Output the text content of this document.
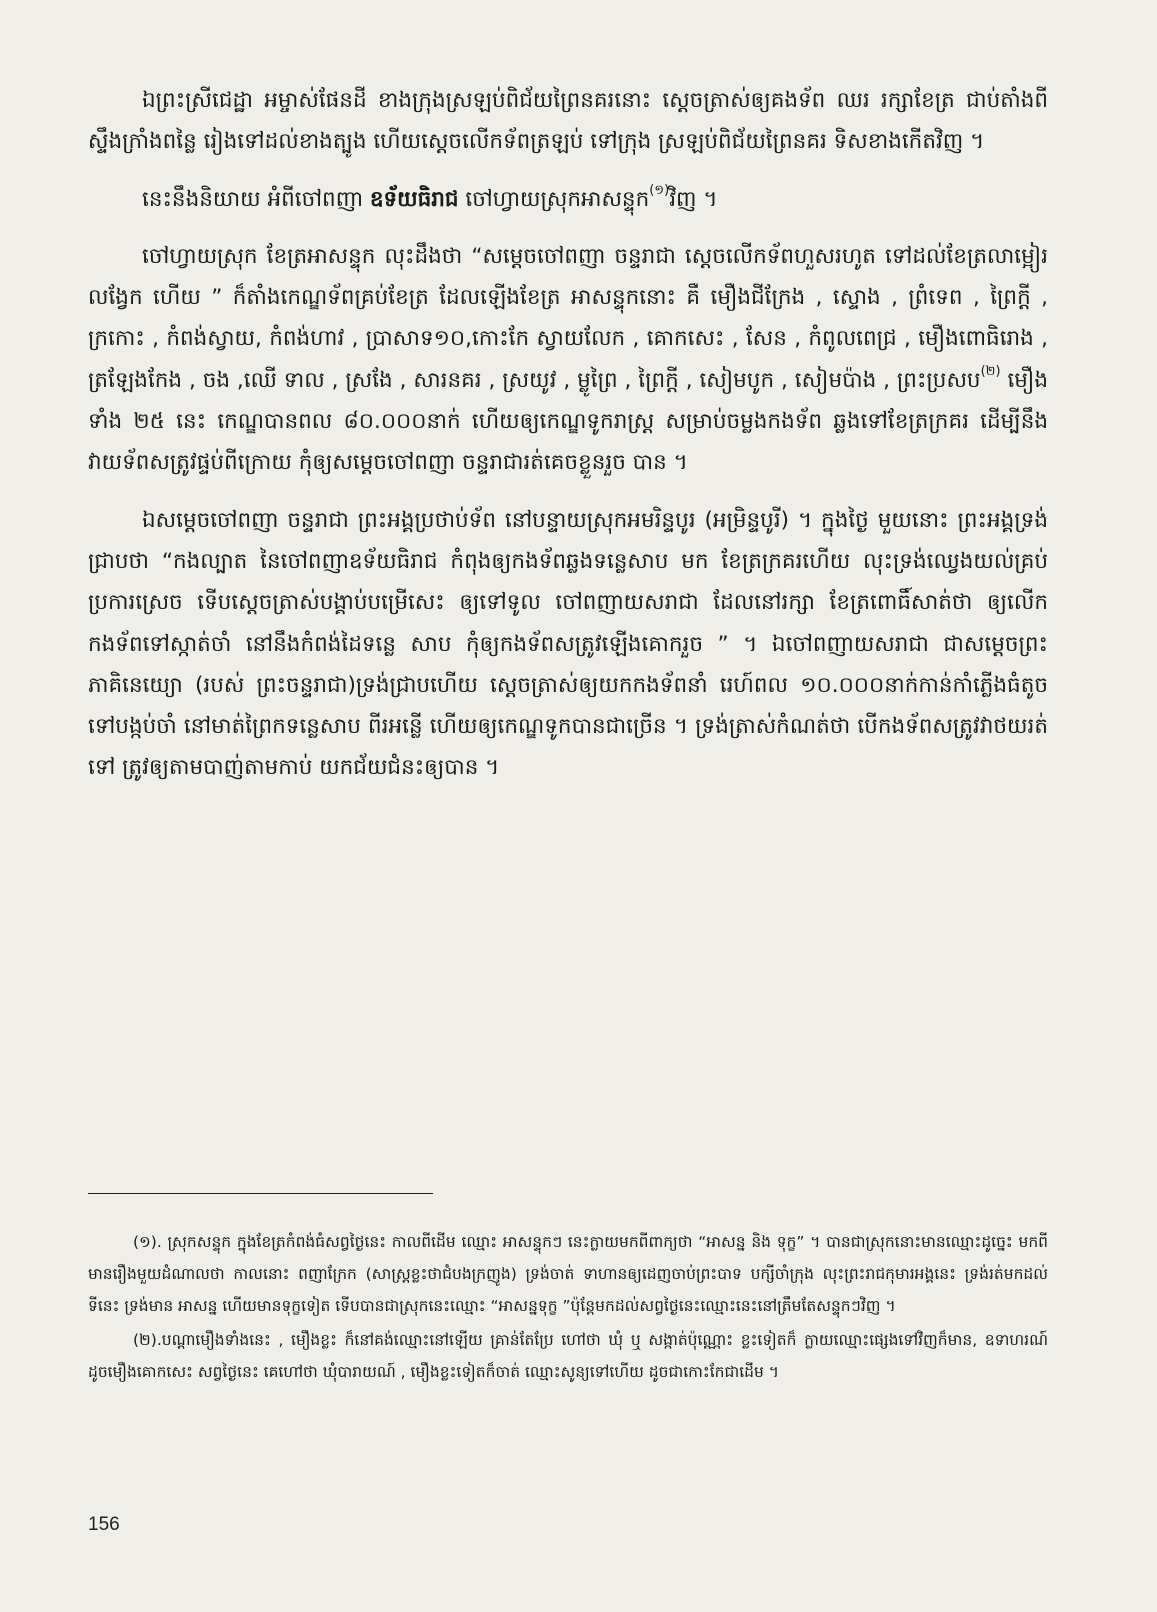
ឯព្រះស្រីជេដ្ឋា អម្ចាស់ផែនដី ខាងក្រុងស្រឡប់ពិជ័យព្រៃនគរនោះ ស្ដេចត្រាស់ឲ្យគងទ័ព ឈរ រក្សាខែត្រ ជាប់តាំងពីស្ទឹងក្រាំងពន្លៃ រៀងទៅដល់ខាងត្បូង ហើយស្ដេចលើកទ័ពត្រឡប់ ទៅក្រុង ស្រឡប់ពិជ័យព្រៃនគរ ទិសខាងកើតវិញ ។

នេះនឹងនិយាយ អំពីចៅពញា ឧទ័យធិរាជ ចៅហ្វាយស្រុកអាសន្ទុក$^{(១)}$វិញ ។

ចៅហ្វាយស្រុក ខែត្រអាសន្ទុក លុះដឹងថា “សម្ដេចចៅពញា ចន្ទរាជា ស្ដេចលើកទ័ពហួសរហូត ទៅដល់ខែត្រលាម្អៀរ លង្វែក ហើយ ” ក៏តាំងកេណ្ឌទ័ពគ្រប់ខែត្រ ដែលឡើងខែត្រ អាសន្ទុកនោះ គឺ មឿងជីក្រែង , ស្ទោង , ព្រំទេព , ព្រៃក្ដី , ក្រកោះ , កំពង់ស្វាយ, កំពង់ហាវ , ប្រាសាទ១០,កោះកែ ស្វាយលែក , គោកសេះ , សែន , កំពូលពេជ្រ , មឿងពោធិរោង , ត្រឡែងកែង , ចង ,ឈើ ទាល , ស្រងែ , សារនគរ , ស្រយូវ , ម្លូព្រៃ , ព្រៃក្ដី , សៀមបូក , សៀមប៉ាង , ព្រះប្រសប$^{(២)}$ មឿងទាំង ២៥ នេះ កេណ្ឌបានពល ៨០.០០០នាក់ ហើយឲ្យកេណ្ឌទូករាស្ត្រ សម្រាប់ចម្លងកងទ័ព ឆ្លងទៅខែត្រក្រគរ ដើម្បីនឹងវាយទ័ពសត្រូវផ្ទប់ពីក្រោយ កុំឲ្យសម្ដេចចៅពញា ចន្ទរាជារត់គេចខ្លួនរួច បាន ។

ឯសម្ដេចចៅពញា ចន្ទរាជា ព្រះអង្គប្រថាប់ទ័ព នៅបន្ទាយស្រុកអមរិន្ទបូរ (អម្រិន្ទបូរី) ។ ក្នុងថ្ងៃ មួយនោះ ព្រះអង្គទ្រង់ជ្រាបថា “កងល្បាត នៃចៅពញាឧទ័យធិរាជ កំពុងឲ្យកងទ័ពឆ្លងទន្លេសាប មក ខែត្រក្រគរហើយ លុះទ្រង់ឈ្វេងយល់គ្រប់ប្រការស្រេច ទើបស្ដេចត្រាស់បង្គាប់បម្រើសេះ ឲ្យទៅទូល ចៅពញាយសរាជា ដែលនៅរក្សា ខែត្រពោធិ៍សាត់ថា ឲ្យលើកកងទ័ពទៅស្កាត់ចាំ នៅនឹងកំពង់ដៃទន្លេ សាប កុំឲ្យកងទ័ពសត្រូវឡើងគោករួច ” ។ ឯចៅពញាយសរាជា ជាសម្ដេចព្រះភាគិនេយ្យោ (របស់ ព្រះចន្ទរាជា)ទ្រង់ជ្រាបហើយ ស្ដេចត្រាស់ឲ្យយកកងទ័ពនាំ រេហ៍ពល ១០.០០០នាក់កាន់កាំភ្លើងធំតូច ទៅបង្កប់ចាំ នៅមាត់ព្រៃកទន្លេសាប ពីរអន្លើ ហើយឲ្យកេណ្ឌទូកបានជាច្រើន ។ ទ្រង់ត្រាស់កំណត់ថា បើកងទ័ពសត្រូវវាថយរត់ទៅ ត្រូវឲ្យតាមបាញ់តាមកាប់ យកជ័យជំនះឲ្យបាន ។

(១). ស្រុកសន្ទុក ក្នុងខែត្រកំពង់ធំសព្វថ្ងៃនេះ កាលពីដើម ឈ្មោះ អាសន្ទុកៗ នេះក្លាយមកពីពាក្យថា “អាសន្ន និង ទុក្ខ” ។ បានជាស្រុកនោះមានឈ្មោះដូច្នេះ មកពីមានរឿងមួយដំណាលថា កាលនោះ ពញាក្រែក (សាស្ត្រខ្លះថាជំបងក្រញូង) ទ្រង់ចាត់ ទាហានឲ្យដេញចាប់ព្រះបាទ បក្សីចាំក្រុង លុះព្រះរាជកុមារអង្គនេះ ទ្រង់រត់មកដល់ទីនេះ ទ្រង់មាន អាសន្ន ហើយមានទុក្ខទៀត ទើបបានជាស្រុកនេះឈ្មោះ “អាសន្នទុក្ខ ”ប៉ុន្តែមកដល់សព្វថ្ងៃនេះឈ្មោះនេះនៅត្រឹមតែសន្ទុកៗវិញ ។

(២).បណ្ដាមឿងទាំងនេះ , មឿងខ្លះ ក៏នៅគង់ឈ្មោះនៅឡើយ គ្រាន់តែប្រែ ហៅថា ឃុំ ឬ សង្កាត់ប៉ុណ្ណោះ ខ្លះទៀតក៏ ក្លាយឈ្មោះផ្សេងទៅវិញក៏មាន, ឧទាហរណ៍ ដូចមឿងគោកសេះ សព្វថ្ងៃនេះ គេហៅថា ឃុំបារាយណ៍ , មឿងខ្លះទៀតក៏ចាត់ ឈ្មោះសូន្យទៅហើយ ដូចជាកោះកែជាដើម ។

156
